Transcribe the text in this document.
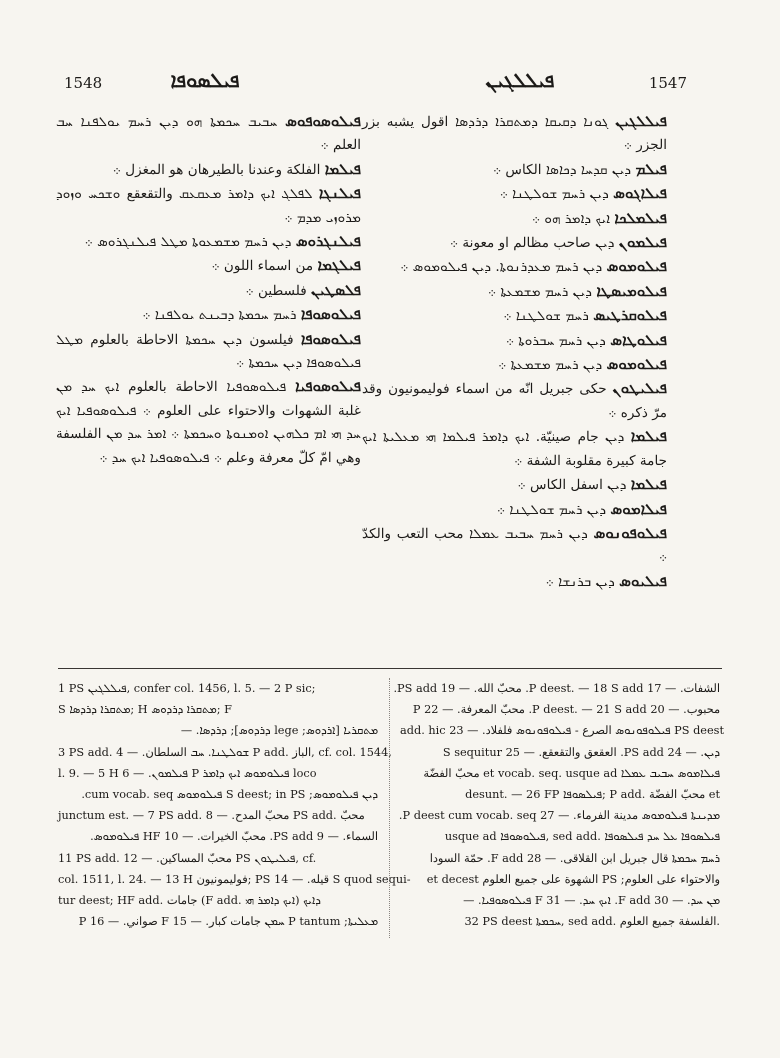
1548	ܦܝܠܣܘܦܐ	ܦܝܠܠܓܝܢ	1547
ܦܝܠܘܣܘܦܘܣ ܚܒܝܒ ܚܟܡܬܐ ܗܘ ܕܝܢ ܪܚܡ ܝܘܠܦܢܐ ܚܒ العلم ܀
ܦܝܠܡܐ الفلكة وعندنا بالطيرهان هو المغزل ܀
ܦܝܠܢܓܐ ܠܦܠܓ ܐܝܟ ܕܐܡܪ ܡܥܩܥܩ والتقعقع ܘܫܟܚ ܘܙܘܕ ܡܪܘܙܝ ܡܕܡ ܀
ܦܝܠܢܓܪܘܣ ܕܝܢ ܪܚܡ ܡܫܡܥܘܬܐ ܡܛܠ ܦܝܠܢܓܪܘܣ ܀
ܦܝܠܓܡܐ من اسماء اللون ܀
ܦܠܣܛܝܢ فلسطين ܀
ܦܝܠܘܣܘܦܐ ܪܚܡ ܚܟܡܬܐ ܕܒܝܢܬ ܝܘܠܦܢܐ ܀
ܦܝܠܘܣܘܦܐ فيلسون ܕܝܢ ܚܟܡܬܐ الاحاطة بالعلوم ܡܛܠ ܦܝܠܘܣܘܦܐ ܕܝܢ ܚܟܡܬܐ ܀
ܦܝܠܘܣܘܦܝܐ ܦܝܠܘܣܘܦܝܐ الاحاطة بالعلوم ܐܝܟ ܚܕ ܡܢ غلبة الشهوات والاحتواء على العلوم ܀ ܦܝܠܘܣܘܦܝܐ ܐܝܟ ܚܕ ܗܝ ܐܡ ܟܠܗܝܢ ܐܘܡܢܘܬܐ ܘܚܟܡܬܐ ܀ ܐܡܪ ܚܕ ܡܢ الفلسفة وهي امّ كلّ معرفة وعلم ܀ ܦܝܠܘܣܘܦܝܐ ܐܝܟ ܚܕ ܀
ܦܝܠܠܓܝܢ ܓܘܢܐ ܕܩܝܩܐ ܕܡܬܩܪܐ ܕܪܕܣܐ اقول يشبه بزر الجزر ܀
ܦܝܠܡ ܕܝܢ ܩܕܚܐ ܕܟܐܣܐ الكاس ܀
ܦܝܠܐܓܘܣ ܕܝܢ ܪܚܡ ܫܘܠܛܢܐ ܀
ܦܝܠܡܠܟܐ ܐܝܟ ܕܐܡܪ ܗܘ ܀
ܦܝܠܡܘܢ ܕܝܢ صاحب مظالم او معونة ܀
ܦܝܠܘܡܘܣ ܕܝܢ ܪܚܡ ܡܥܕܪܢܘܬܐ. ܕܝܢ ܦܝܠܘܡܘܣ ܀
ܦܝܠܘܡܝܣܛܐ ܕܝܢ ܪܚܡ ܡܫܡܥܬܐ ܀
ܦܝܠܘܩܪܛܝܣ ܪܚܡ ܫܘܠܛܢܐ ܀
ܦܝܠܘܛܐܣ ܕܝܢ ܪܚܡ ܚܒܪܘܬܐ ܀
ܦܝܠܘܡܘܣ ܕܝܢ ܪܚܡ ܡܫܡܥܬܐ ܀
ܦܝܠܝܛܘܢ حكى جبريل انّه من اسماء فوليمونيون وقد مرّ ذكره ܀
ܦܝܠܡܐ ܕܝܢ جام صينيّة. ܐܝܟ ܕܐܡܪ ܦܝܠܡܐ ܗܝ ܡܥܠܝܬܐ ܐܝܟ جامة كبيرة مقلوبة الشفة ܀
ܦܝܠܡܐ ܕܝܢ اسفل الكاس ܀
ܦܝܠܐܡܘܣ ܕܝܢ ܪܚܡ ܫܘܠܛܢܐ ܀
ܦܝܠܘܦܘܢܘܣ ܕܝܢ ܪܚܡ ܚܒܝܒ ܥܡܠܐ محب التعب والكدّ ܀
ܦܝܠܝܘܣ ܕܝܢ ܒܪܢܫܐ ܀
1 PS ܦܝܠܠܓܝܢ, confer col. 1456, l. 5. — 2 P sic;
S ܡܬܩܪܐ ܕܪܕܣܐ; H ܡܬܩܪܐ ܕܪܕܘܣ; F
ܡܬܩܪܝܐ [ܐܪܕܘܣ; lege ܕܪܕܘܣ]; ܕܪܕܣܐ. —
3 PS add. ܫܘܠܛܢܐ. ܚܒ السلطان. — 4 P add. الباز, cf. col. 1544,
l. 9. — 5 H ܦܝܠܡܘܢ. — 6 P ܦܝܠܘܡܘܣ ܐܝܟ ܕܐܡܪ loco
ܕܝܢ ܦܝܠܘܡܘܣ; S deest; in PS ܦܝܠܘܡܘܣ cum vocab. seq.
junctum est. — 7 PS add. محبّ المدح. — 8 PS add. محبّ
السماء. — 9 PS add. محبّ الخيرات. — 10 HF ܦܝܠܘܡܘܣ.
11 PS add. محبّ المساكين. — 12 PS ܦܝܠܝܛܘܢ, cf.
col. 1511, l. 24. — 13 H فوليمونيون; PS قيله. — 14 S quod sequi-
tur deest; HF add. جامات (F add. ܐܝܟ ܕܐܡܪ ܗܝ) ܕܐܝܟ
ܡܥܠܝܬܐ; P tantum ܚܡܢ جامات كبار. — 15 F صواني. — 16 P
الشفات. — 17 P deest. — 18 S add. محبّ الله. — 19 PS add.
محبوب. — 20 P deest. — 21 S add. محبّ المعرفة. — 22 P
add. hic ܦܝܠܘܦܘܢܘܣ الصرع - ܦܝܠܘܦܘܢܘܣ فلفلاد. — 23 PS deest
ܕܝܢ. — 24 PS add. العقعق والتقعقع. — 25 S sequitur
ܦܝܠܐܡܘܣ ܚܒܝܒ ܥܡܠܐ et vocab. seq. usque ad محبّ الفضّة
desunt. — 26 FP ܦܝܠܣܘܦܐ; P add. محبّ الفضّة et
ܡܕܝܢܬܐ ܦܝܠܘܡܘܣ مدينة الفرماء. — 27 P deest cum vocab. seq.
usque ad ܦܝܠܘܣܘܦܐ, sed add. ܦܝܠܣܘܦܐ ܥܠ ܚܕ ܦܝܠܣܘܦܐ
ܪܚܡ ܚܟܡܬܐ قال جبريل ابن القلاقى. — 28 F add. حمّة السودا
والاحتواء على العلوم; PS الشهوة على جميع العلوم et decest
ܡܢ ܚܕ. — 30 F add. ܐܝܟ ܚܕ. — 31 F ܦܝܠܘܣܘܦܝܐ. —
32 PS deest ܚܟܡܬܐ, sed add. الفلسفة جميع العلوم.
